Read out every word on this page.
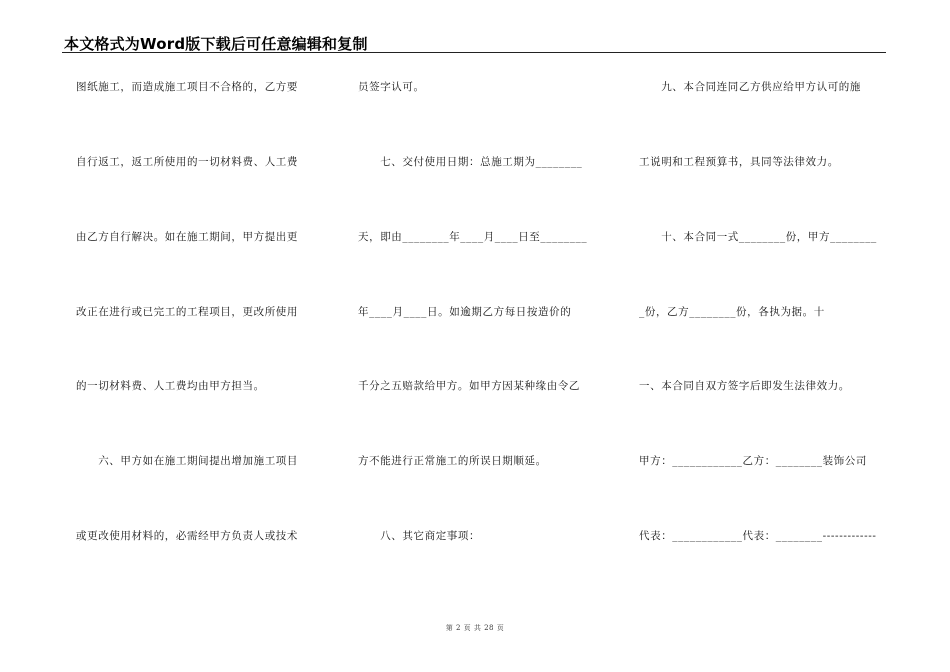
本文格式为Word版下载后可任意编辑和复制
图纸施工，而造成施工项目不合格的，乙方要
自行返工，返工所使用的一切材料费、人工费
由乙方自行解决。如在施工期间，甲方提出更
改正在进行或已完工的工程项目，更改所使用
的一切材料费、人工费均由甲方担当。
　　六、甲方如在施工期间提出增加施工项目
或更改使用材料的，必需经甲方负责人或技术
员签字认可。
　　七、交付使用日期：总施工期为________
天，即由________年____月____日至________
年____月____日。如逾期乙方每日按造价的
千分之五赔款给甲方。如甲方因某种缘由令乙
方不能进行正常施工的所误日期顺延。
　　八、其它商定事项：
　　九、本合同连同乙方供应给甲方认可的施
工说明和工程预算书，具同等法律效力。
　　十、本合同一式________份，甲方________
_份，乙方________份，各执为据。十
一、本合同自双方签字后即发生法律效力。
甲方：____________乙方：________装饰公司
代表：____________代表：________-------------
第 2 页 共 28 页
